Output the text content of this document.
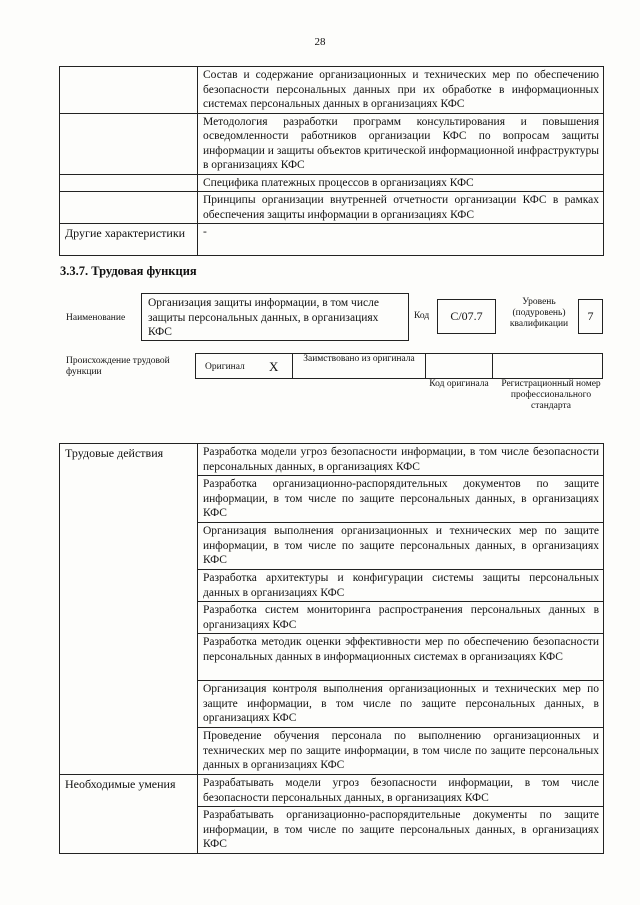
28
	Состав и содержание организационных и технических мер по обеспечению безопасности персональных данных при их обработке в информационных системах персональных данных в организациях КФС
	Методология разработки программ консультирования и повышения осведомленности работников организации КФС по вопросам защиты информации и защиты объектов критической информационной инфраструктуры в организациях КФС
	Специфика платежных процессов в организациях КФС
	Принципы организации внутренней отчетности организации КФС в рамках обеспечения защиты информации в организациях КФС
Другие характеристики	-
3.3.7. Трудовая функция
Наименование
Организация защиты информации, в том числе защиты персональных данных, в организациях КФС
Код	C/07.7
Уровень (подуровень) квалификации
7
Происхождение трудовой функции	Оригинал X	Заимствовано из оригинала
Код оригинала	Регистрационный номер профессионального стандарта
Трудовые действия	Разработка модели угроз безопасности информации, в том числе безопасности персональных данных, в организациях КФС
	Разработка организационно-распорядительных документов по защите информации, в том числе по защите персональных данных, в организациях КФС
	Организация выполнения организационных и технических мер по защите информации, в том числе по защите персональных данных, в организациях КФС
	Разработка архитектуры и конфигурации системы защиты персональных данных в организациях КФС
	Разработка систем мониторинга распространения персональных данных в организациях КФС
	Разработка методик оценки эффективности мер по обеспечению безопасности персональных данных в информационных системах в организациях КФС
	Организация контроля выполнения организационных и технических мер по защите информации, в том числе по защите персональных данных, в организациях КФС
	Проведение обучения персонала по выполнению организационных и технических мер по защите информации, в том числе по защите персональных данных в организациях КФС
Необходимые умения	Разрабатывать модели угроз безопасности информации, в том числе безопасности персональных данных, в организациях КФС
	Разрабатывать организационно-распорядительные документы по защите информации, в том числе по защите персональных данных, в организациях КФС
